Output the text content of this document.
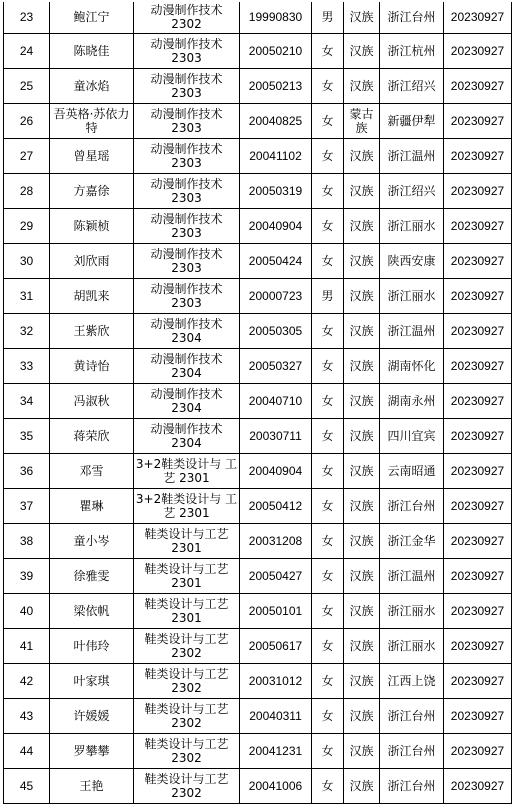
23	鲍江宁	动漫制作技术 2302	19990830	男	汉族	浙江台州	20230927
24	陈晓佳	动漫制作技术 2303	20050210	女	汉族	浙江杭州	20230927
25	童冰焰	动漫制作技术 2303	20050213	女	汉族	浙江绍兴	20230927
26	吾英格·苏依力特	动漫制作技术 2303	20040825	女	蒙古族	新疆伊犁	20230927
27	曾星瑶	动漫制作技术 2303	20041102	女	汉族	浙江温州	20230927
28	方嘉徐	动漫制作技术 2303	20050319	女	汉族	浙江绍兴	20230927
29	陈颖桢	动漫制作技术 2303	20040904	女	汉族	浙江丽水	20230927
30	刘欣雨	动漫制作技术 2303	20050424	女	汉族	陕西安康	20230927
31	胡凯来	动漫制作技术 2303	20000723	男	汉族	浙江丽水	20230927
32	王紫欣	动漫制作技术 2304	20050305	女	汉族	浙江温州	20230927
33	黄诗怡	动漫制作技术 2304	20050327	女	汉族	湖南怀化	20230927
34	冯淑秋	动漫制作技术 2304	20040710	女	汉族	湖南永州	20230927
35	蒋荣欣	动漫制作技术 2304	20030711	女	汉族	四川宜宾	20230927
36	邓雪	3+2鞋类设计与 工艺 2301	20040904	女	汉族	云南昭通	20230927
37	瞿琳	3+2鞋类设计与 工艺 2301	20050412	女	汉族	浙江台州	20230927
38	童小岑	鞋类设计与工艺 2301	20031208	女	汉族	浙江金华	20230927
39	徐雅雯	鞋类设计与工艺 2301	20050427	女	汉族	浙江温州	20230927
40	梁依帆	鞋类设计与工艺 2301	20050101	女	汉族	浙江丽水	20230927
41	叶伟玲	鞋类设计与工艺 2302	20050617	女	汉族	浙江丽水	20230927
42	叶家琪	鞋类设计与工艺 2302	20031012	女	汉族	江西上饶	20230927
43	许媛媛	鞋类设计与工艺 2302	20040311	女	汉族	浙江台州	20230927
44	罗攀攀	鞋类设计与工艺 2302	20041231	女	汉族	浙江台州	20230927
45	王艳	鞋类设计与工艺 2302	20041006	女	汉族	浙江台州	20230927
